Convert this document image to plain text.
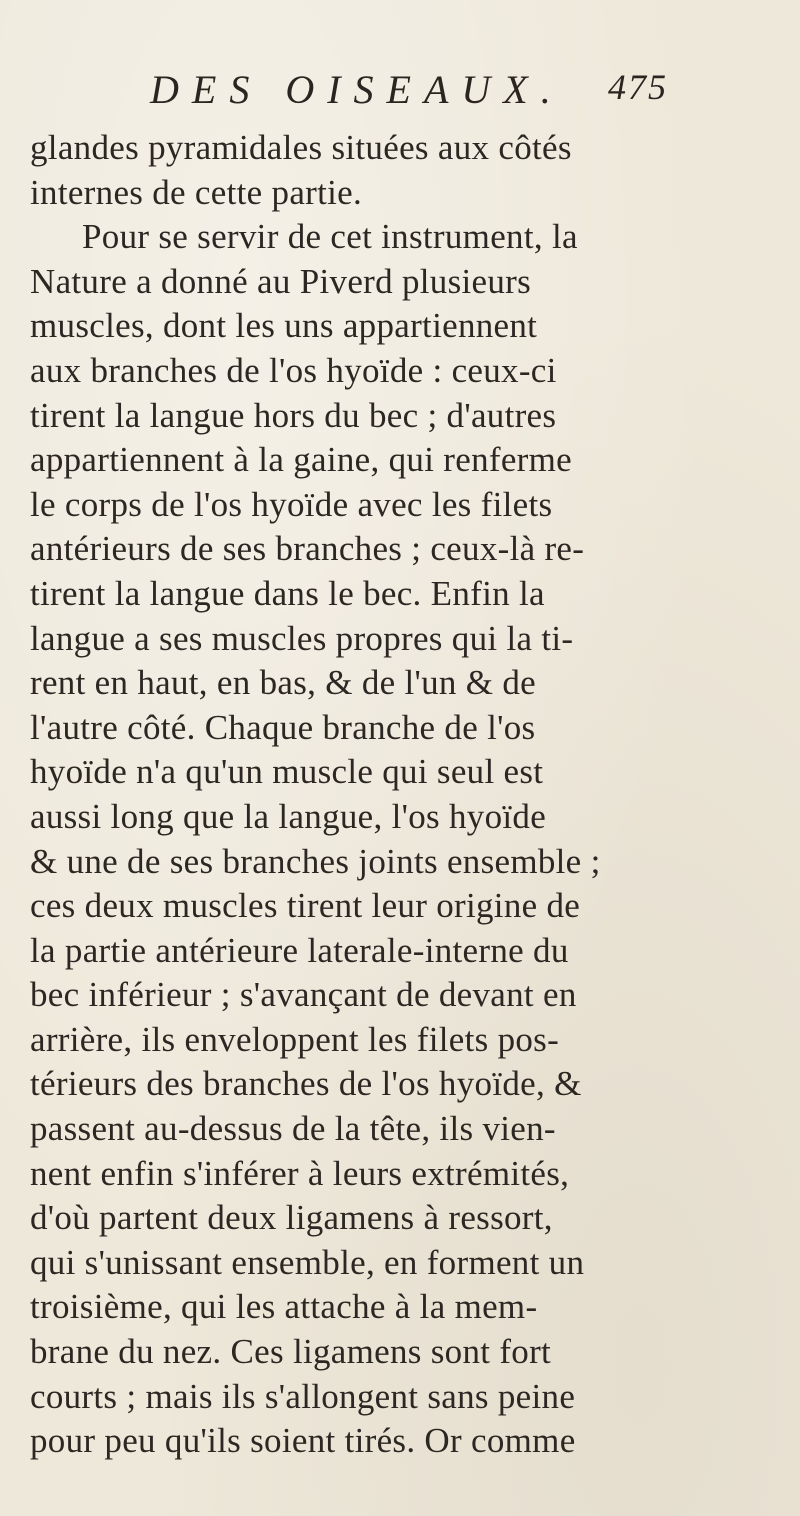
DES OISEAUX. 475
glandes pyramidales situées aux côtés
internes de cette partie.
Pour se servir de cet instrument, la
Nature a donné au Piverd plusieurs
muscles, dont les uns appartiennent
aux branches de l'os hyoïde : ceux-ci
tirent la langue hors du bec ; d'autres
appartiennent à la gaine, qui renferme
le corps de l'os hyoïde avec les filets
antérieurs de ses branches ; ceux-là re-
tirent la langue dans le bec. Enfin la
langue a ses muscles propres qui la ti-
rent en haut, en bas, & de l'un & de
l'autre côté. Chaque branche de l'os
hyoïde n'a qu'un muscle qui seul est
aussi long que la langue, l'os hyoïde
& une de ses branches joints ensemble ;
ces deux muscles tirent leur origine de
la partie antérieure laterale-interne du
bec inférieur ; s'avançant de devant en
arrière, ils enveloppent les filets pos-
térieurs des branches de l'os hyoïde, &
passent au-dessus de la tête, ils vien-
nent enfin s'inférer à leurs extrémités,
d'où partent deux ligamens à ressort,
qui s'unissant ensemble, en forment un
troisième, qui les attache à la mem-
brane du nez. Ces ligamens sont fort
courts ; mais ils s'allongent sans peine
pour peu qu'ils soient tirés. Or comme
